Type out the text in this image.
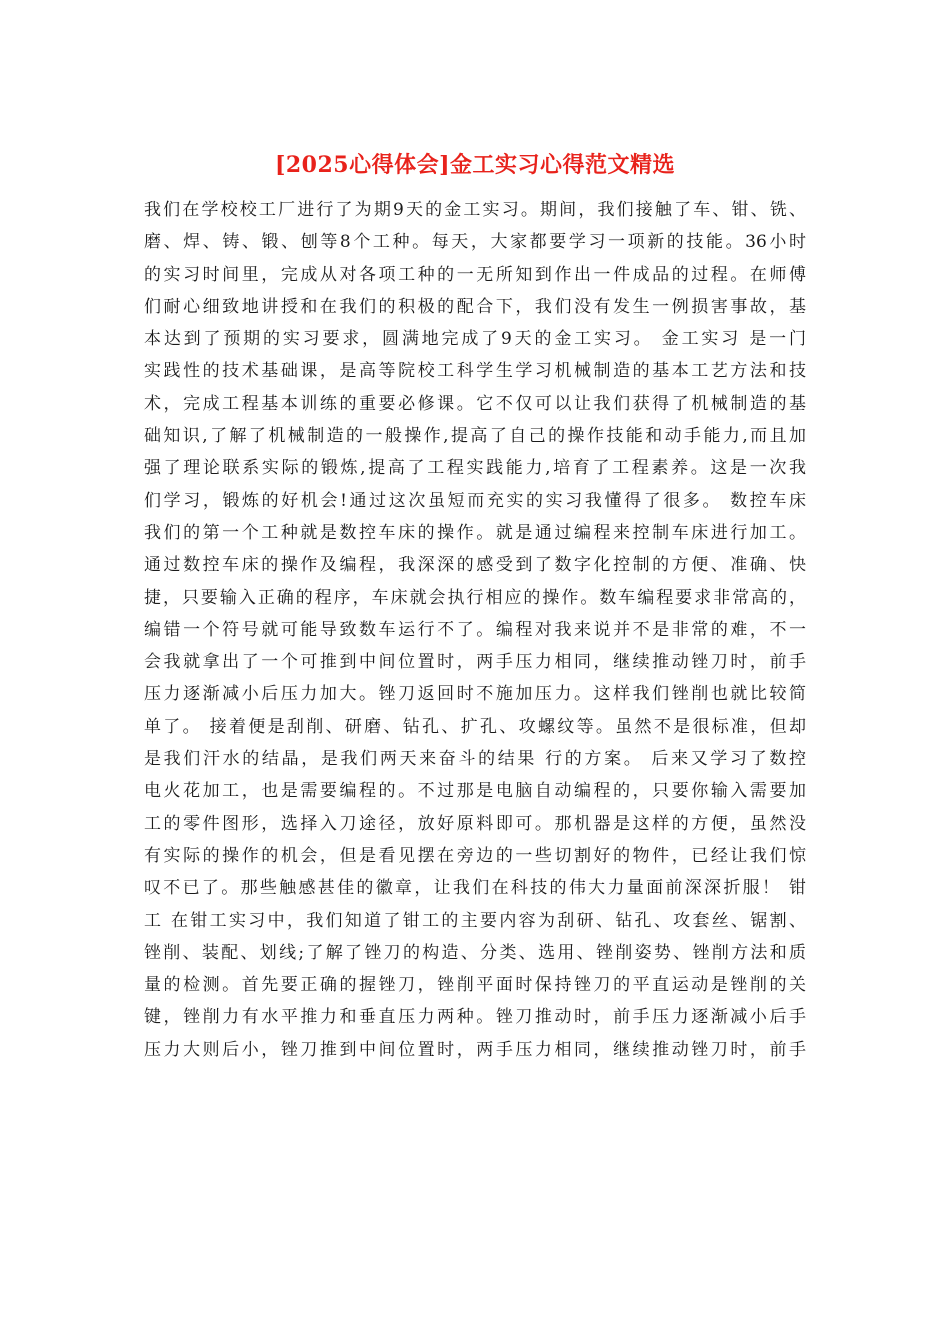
[2025心得体会]金工实习心得范文精选
我们在学校校工厂进行了为期9天的金工实习。期间，我们接触了车、钳、铣、
磨、焊、铸、锻、刨等8个工种。每天，大家都要学习一项新的技能。36小时
的实习时间里，完成从对各项工种的一无所知到作出一件成品的过程。在师傅
们耐心细致地讲授和在我们的积极的配合下，我们没有发生一例损害事故，基
本达到了预期的实习要求，圆满地完成了9天的金工实习。 金工实习 是一门
实践性的技术基础课，是高等院校工科学生学习机械制造的基本工艺方法和技
术，完成工程基本训练的重要必修课。它不仅可以让我们获得了机械制造的基
础知识,了解了机械制造的一般操作,提高了自己的操作技能和动手能力,而且加
强了理论联系实际的锻炼,提高了工程实践能力,培育了工程素养。这是一次我
们学习，锻炼的好机会!通过这次虽短而充实的实习我懂得了很多。 数控车床
我们的第一个工种就是数控车床的操作。就是通过编程来控制车床进行加工。
通过数控车床的操作及编程，我深深的感受到了数字化控制的方便、准确、快
捷，只要输入正确的程序，车床就会执行相应的操作。数车编程要求非常高的，
编错一个符号就可能导致数车运行不了。编程对我来说并不是非常的难，不一
会我就拿出了一个可推到中间位置时，两手压力相同，继续推动锉刀时，前手
压力逐渐减小后压力加大。锉刀返回时不施加压力。这样我们锉削也就比较简
单了。 接着便是刮削、研磨、钻孔、扩孔、攻螺纹等。虽然不是很标准，但却
是我们汗水的结晶，是我们两天来奋斗的结果 行的方案。 后来又学习了数控
电火花加工，也是需要编程的。不过那是电脑自动编程的，只要你输入需要加
工的零件图形，选择入刀途径，放好原料即可。那机器是这样的方便，虽然没
有实际的操作的机会，但是看见摆在旁边的一些切割好的物件，已经让我们惊
叹不已了。那些触感甚佳的徽章，让我们在科技的伟大力量面前深深折服！ 钳
工 在钳工实习中，我们知道了钳工的主要内容为刮研、钻孔、攻套丝、锯割、
锉削、装配、划线;了解了锉刀的构造、分类、选用、锉削姿势、锉削方法和质
量的检测。首先要正确的握锉刀，锉削平面时保持锉刀的平直运动是锉削的关
键，锉削力有水平推力和垂直压力两种。锉刀推动时，前手压力逐渐减小后手
压力大则后小，锉刀推到中间位置时，两手压力相同，继续推动锉刀时，前手
